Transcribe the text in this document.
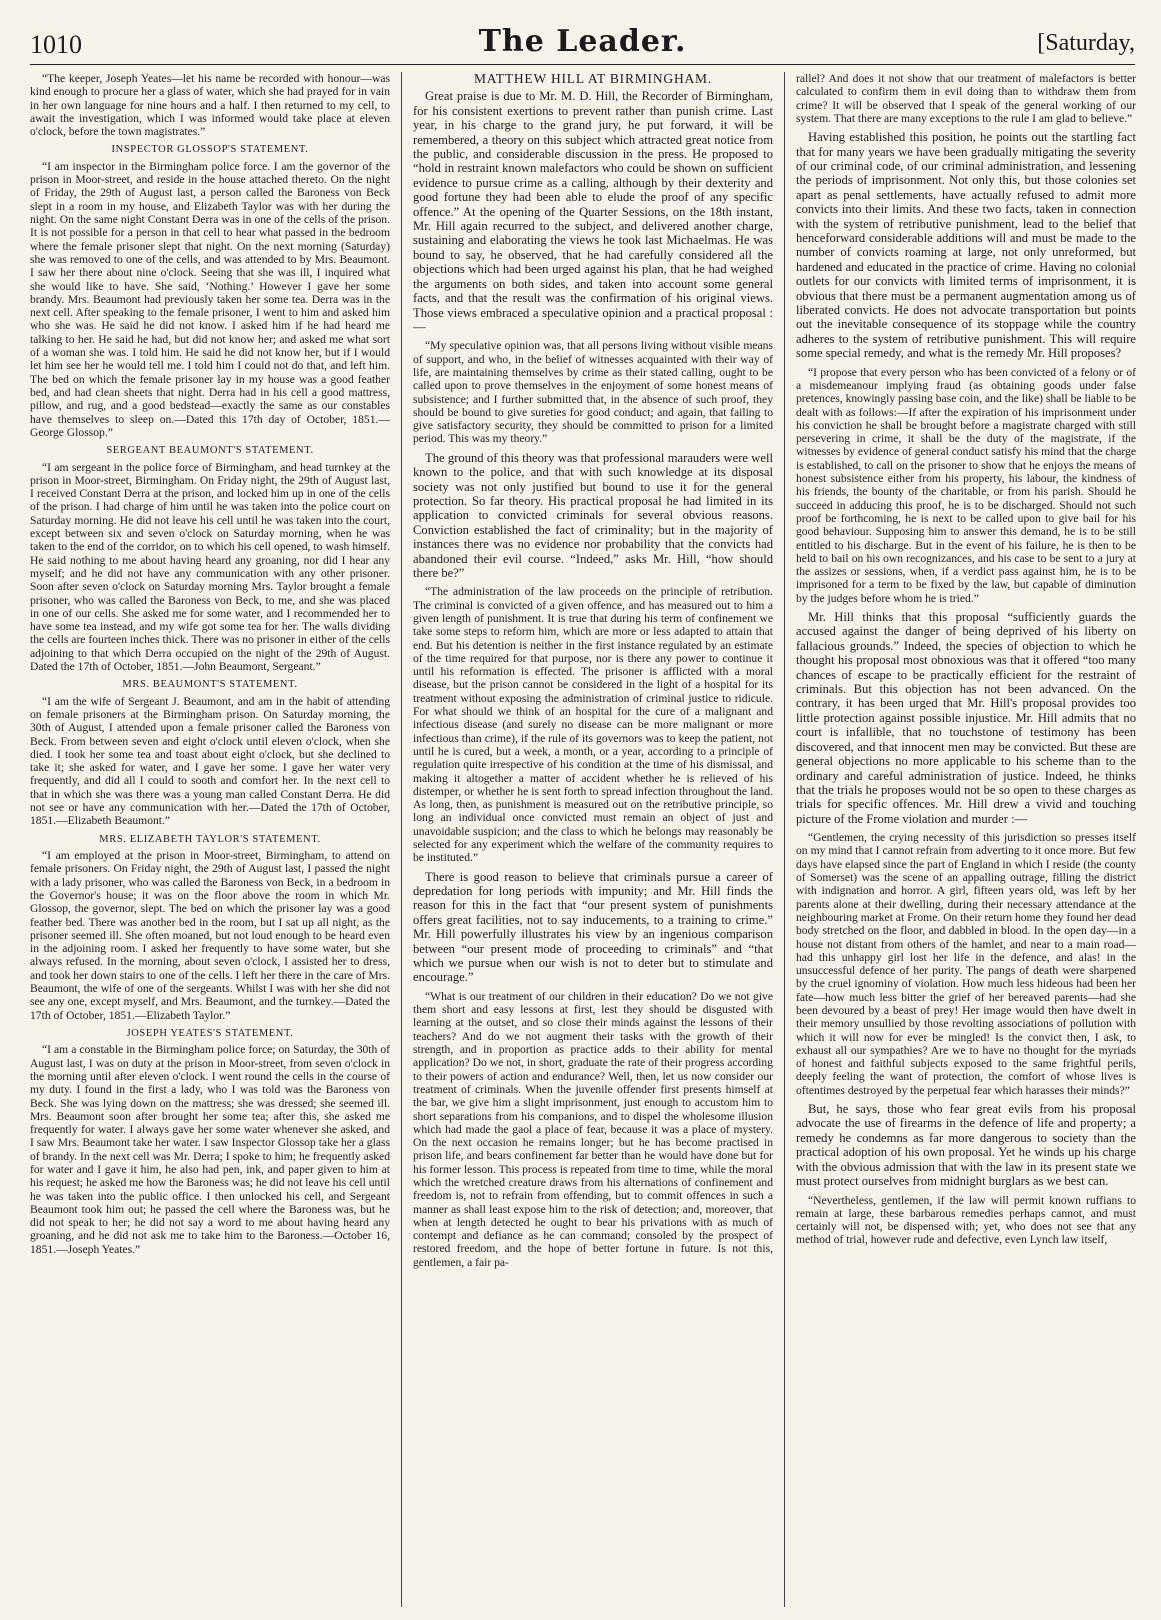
1010	The Leader.	[Saturday,

“The keeper, Joseph Yeates—let his name be recorded with honour—was kind enough to procure her a glass of water, which she had prayed for in vain in her own language for nine hours and a half. I then returned to my cell, to await the investigation, which I was informed would take place at eleven o'clock, before the town magistrates.”

INSPECTOR GLOSSOP'S STATEMENT.

“I am inspector in the Birmingham police force. I am the governor of the prison in Moor-street, and reside in the house attached thereto. On the night of Friday, the 29th of August last, a person called the Baroness von Beck slept in a room in my house, and Elizabeth Taylor was with her during the night. On the same night Constant Derra was in one of the cells of the prison. It is not possible for a person in that cell to hear what passed in the bedroom where the female prisoner slept that night. On the next morning (Saturday) she was removed to one of the cells, and was attended to by Mrs. Beaumont. I saw her there about nine o'clock. Seeing that she was ill, I inquired what she would like to have. She said, ‘Nothing.’ However I gave her some brandy. Mrs. Beaumont had previously taken her some tea. Derra was in the next cell. After speaking to the female prisoner, I went to him and asked him who she was. He said he did not know. I asked him if he had heard me talking to her. He said he had, but did not know her; and asked me what sort of a woman she was. I told him. He said he did not know her, but if I would let him see her he would tell me. I told him I could not do that, and left him. The bed on which the female prisoner lay in my house was a good feather bed, and had clean sheets that night. Derra had in his cell a good mattress, pillow, and rug, and a good bedstead—exactly the same as our constables have themselves to sleep on.—Dated this 17th day of October, 1851.—George Glossop.”

SERGEANT BEAUMONT'S STATEMENT.

“I am sergeant in the police force of Birmingham, and head turnkey at the prison in Moor-street, Birmingham. On Friday night, the 29th of August last, I received Constant Derra at the prison, and locked him up in one of the cells of the prison. I had charge of him until he was taken into the police court on Saturday morning. He did not leave his cell until he was taken into the court, except between six and seven o'clock on Saturday morning, when he was taken to the end of the corridor, on to which his cell opened, to wash himself. He said nothing to me about having heard any groaning, nor did I hear any myself; and he did not have any communication with any other prisoner. Soon after seven o'clock on Saturday morning Mrs. Taylor brought a female prisoner, who was called the Baroness von Beck, to me, and she was placed in one of our cells. She asked me for some water, and I recommended her to have some tea instead, and my wife got some tea for her. The walls dividing the cells are fourteen inches thick. There was no prisoner in either of the cells adjoining to that which Derra occupied on the night of the 29th of August. Dated the 17th of October, 1851.—John Beaumont, Sergeant.”

MRS. BEAUMONT'S STATEMENT.

“I am the wife of Sergeant J. Beaumont, and am in the habit of attending on female prisoners at the Birmingham prison. On Saturday morning, the 30th of August, I attended upon a female prisoner called the Baroness von Beck. From between seven and eight o'clock until eleven o'clock, when she died. I took her some tea and toast about eight o'clock, but she declined to take it; she asked for water, and I gave her some. I gave her water very frequently, and did all I could to sooth and comfort her. In the next cell to that in which she was there was a young man called Constant Derra. He did not see or have any communication with her.—Dated the 17th of October, 1851.—Elizabeth Beaumont.”

MRS. ELIZABETH TAYLOR'S STATEMENT.

“I am employed at the prison in Moor-street, Birmingham, to attend on female prisoners. On Friday night, the 29th of August last, I passed the night with a lady prisoner, who was called the Baroness von Beck, in a bedroom in the Governor's house; it was on the floor above the room in which Mr. Glossop, the governor, slept. The bed on which the prisoner lay was a good feather bed. There was another bed in the room, but I sat up all night, as the prisoner seemed ill. She often moaned, but not loud enough to be heard even in the adjoining room. I asked her frequently to have some water, but she always refused. In the morning, about seven o'clock, I assisted her to dress, and took her down stairs to one of the cells. I left her there in the care of Mrs. Beaumont, the wife of one of the sergeants. Whilst I was with her she did not see any one, except myself, and Mrs. Beaumont, and the turnkey.—Dated the 17th of October, 1851.—Elizabeth Taylor.”

JOSEPH YEATES'S STATEMENT.

“I am a constable in the Birmingham police force; on Saturday, the 30th of August last, I was on duty at the prison in Moor-street, from seven o'clock in the morning until after eleven o'clock. I went round the cells in the course of my duty. I found in the first a lady, who I was told was the Baroness von Beck. She was lying down on the mattress; she was dressed; she seemed ill. Mrs. Beaumont soon after brought her some tea; after this, she asked me frequently for water. I always gave her some water whenever she asked, and I saw Mrs. Beaumont take her water. I saw Inspector Glossop take her a glass of brandy. In the next cell was Mr. Derra; I spoke to him; he frequently asked for water and I gave it him, he also had pen, ink, and paper given to him at his request; he asked me how the Baroness was; he did not leave his cell until he was taken into the public office. I then unlocked his cell, and Sergeant Beaumont took him out; he passed the cell where the Baroness was, but he did not speak to her; he did not say a word to me about having heard any groaning, and he did not ask me to take him to the Baroness.—October 16, 1851.—Joseph Yeates.”

MATTHEW HILL AT BIRMINGHAM.

Great praise is due to Mr. M. D. Hill, the Recorder of Birmingham, for his consistent exertions to prevent rather than punish crime. Last year, in his charge to the grand jury, he put forward, it will be remembered, a theory on this subject which attracted great notice from the public, and considerable discussion in the press. He proposed to “hold in restraint known malefactors who could be shown on sufficient evidence to pursue crime as a calling, although by their dexterity and good fortune they had been able to elude the proof of any specific offence.” At the opening of the Quarter Sessions, on the 18th instant, Mr. Hill again recurred to the subject, and delivered another charge, sustaining and elaborating the views he took last Michaelmas. He was bound to say, he observed, that he had carefully considered all the objections which had been urged against his plan, that he had weighed the arguments on both sides, and taken into account some general facts, and that the result was the confirmation of his original views. Those views embraced a speculative opinion and a practical proposal :—

“My speculative opinion was, that all persons living without visible means of support, and who, in the belief of witnesses acquainted with their way of life, are maintaining themselves by crime as their stated calling, ought to be called upon to prove themselves in the enjoyment of some honest means of subsistence; and I further submitted that, in the absence of such proof, they should be bound to give sureties for good conduct; and again, that failing to give satisfactory security, they should be committed to prison for a limited period. This was my theory.”

The ground of this theory was that professional marauders were well known to the police, and that with such knowledge at its disposal society was not only justified but bound to use it for the general protection. So far theory. His practical proposal he had limited in its application to convicted criminals for several obvious reasons. Conviction established the fact of criminality; but in the majority of instances there was no evidence nor probability that the convicts had abandoned their evil course. “Indeed,” asks Mr. Hill, “how should there be?”

“The administration of the law proceeds on the principle of retribution. The criminal is convicted of a given offence, and has measured out to him a given length of punishment. It is true that during his term of confinement we take some steps to reform him, which are more or less adapted to attain that end. But his detention is neither in the first instance regulated by an estimate of the time required for that purpose, nor is there any power to continue it until his reformation is effected. The prisoner is afflicted with a moral disease, but the prison cannot be considered in the light of a hospital for its treatment without exposing the administration of criminal justice to ridicule. For what should we think of an hospital for the cure of a malignant and infectious disease (and surely no disease can be more malignant or more infectious than crime), if the rule of its governors was to keep the patient, not until he is cured, but a week, a month, or a year, according to a principle of regulation quite irrespective of his condition at the time of his dismissal, and making it altogether a matter of accident whether he is relieved of his distemper, or whether he is sent forth to spread infection throughout the land. As long, then, as punishment is measured out on the retributive principle, so long an individual once convicted must remain an object of just and unavoidable suspicion; and the class to which he belongs may reasonably be selected for any experiment which the welfare of the community requires to be instituted.”

There is good reason to believe that criminals pursue a career of depredation for long periods with impunity; and Mr. Hill finds the reason for this in the fact that “our present system of punishments offers great facilities, not to say inducements, to a training to crime.” Mr. Hill powerfully illustrates his view by an ingenious comparison between “our present mode of proceeding to criminals” and “that which we pursue when our wish is not to deter but to stimulate and encourage.”

“What is our treatment of our children in their education? Do we not give them short and easy lessons at first, lest they should be disgusted with learning at the outset, and so close their minds against the lessons of their teachers? And do we not augment their tasks with the growth of their strength, and in proportion as practice adds to their ability for mental application? Do we not, in short, graduate the rate of their progress according to their powers of action and endurance? Well, then, let us now consider our treatment of criminals. When the juvenile offender first presents himself at the bar, we give him a slight imprisonment, just enough to accustom him to short separations from his companions, and to dispel the wholesome illusion which had made the gaol a place of fear, because it was a place of mystery. On the next occasion he remains longer; but he has become practised in prison life, and bears confinement far better than he would have done but for his former lesson. This process is repeated from time to time, while the moral which the wretched creature draws from his alternations of confinement and freedom is, not to refrain from offending, but to commit offences in such a manner as shall least expose him to the risk of detection; and, moreover, that when at length detected he ought to bear his privations with as much of contempt and defiance as he can command; consoled by the prospect of restored freedom, and the hope of better fortune in future. Is not this, gentlemen, a fair pa-

rallel? And does it not show that our treatment of malefactors is better calculated to confirm them in evil doing than to withdraw them from crime? It will be observed that I speak of the general working of our system. That there are many exceptions to the rule I am glad to believe.”

Having established this position, he points out the startling fact that for many years we have been gradually mitigating the severity of our criminal code, of our criminal administration, and lessening the periods of imprisonment. Not only this, but those colonies set apart as penal settlements, have actually refused to admit more convicts into their limits. And these two facts, taken in connection with the system of retributive punishment, lead to the belief that henceforward considerable additions will and must be made to the number of convicts roaming at large, not only unreformed, but hardened and educated in the practice of crime. Having no colonial outlets for our convicts with limited terms of imprisonment, it is obvious that there must be a permanent augmentation among us of liberated convicts. He does not advocate transportation but points out the inevitable consequence of its stoppage while the country adheres to the system of retributive punishment. This will require some special remedy, and what is the remedy Mr. Hill proposes?

“I propose that every person who has been convicted of a felony or of a misdemeanour implying fraud (as obtaining goods under false pretences, knowingly passing base coin, and the like) shall be liable to be dealt with as follows:—If after the expiration of his imprisonment under his conviction he shall be brought before a magistrate charged with still persevering in crime, it shall be the duty of the magistrate, if the witnesses by evidence of general conduct satisfy his mind that the charge is established, to call on the prisoner to show that he enjoys the means of honest subsistence either from his property, his labour, the kindness of his friends, the bounty of the charitable, or from his parish. Should he succeed in adducing this proof, he is to be discharged. Should not such proof be forthcoming, he is next to be called upon to give bail for his good behaviour. Supposing him to answer this demand, he is to be still entitled to his discharge. But in the event of his failure, he is then to be held to bail on his own recognizances, and his case to be sent to a jury at the assizes or sessions, when, if a verdict pass against him, he is to be imprisoned for a term to be fixed by the law, but capable of diminution by the judges before whom he is tried.”

Mr. Hill thinks that this proposal “sufficiently guards the accused against the danger of being deprived of his liberty on fallacious grounds.” Indeed, the species of objection to which he thought his proposal most obnoxious was that it offered “too many chances of escape to be practically efficient for the restraint of criminals. But this objection has not been advanced. On the contrary, it has been urged that Mr. Hill's proposal provides too little protection against possible injustice. Mr. Hill admits that no court is infallible, that no touchstone of testimony has been discovered, and that innocent men may be convicted. But these are general objections no more applicable to his scheme than to the ordinary and careful administration of justice. Indeed, he thinks that the trials he proposes would not be so open to these charges as trials for specific offences. Mr. Hill drew a vivid and touching picture of the Frome violation and murder :—

“Gentlemen, the crying necessity of this jurisdiction so presses itself on my mind that I cannot refrain from adverting to it once more. But few days have elapsed since the part of England in which I reside (the county of Somerset) was the scene of an appalling outrage, filling the district with indignation and horror. A girl, fifteen years old, was left by her parents alone at their dwelling, during their necessary attendance at the neighbouring market at Frome. On their return home they found her dead body stretched on the floor, and dabbled in blood. In the open day—in a house not distant from others of the hamlet, and near to a main road—had this unhappy girl lost her life in the defence, and alas! in the unsuccessful defence of her purity. The pangs of death were sharpened by the cruel ignominy of violation. How much less hideous had been her fate—how much less bitter the grief of her bereaved parents—had she been devoured by a beast of prey! Her image would then have dwelt in their memory unsullied by those revolting associations of pollution with which it will now for ever be mingled! Is the convict then, I ask, to exhaust all our sympathies? Are we to have no thought for the myriads of honest and faithful subjects exposed to the same frightful perils, deeply feeling the want of protection, the comfort of whose lives is oftentimes destroyed by the perpetual fear which harasses their minds?”

But, he says, those who fear great evils from his proposal advocate the use of firearms in the defence of life and property; a remedy he condemns as far more dangerous to society than the practical adoption of his own proposal. Yet he winds up his charge with the obvious admission that with the law in its present state we must protect ourselves from midnight burglars as we best can.

“Nevertheless, gentlemen, if the law will permit known ruffians to remain at large, these barbarous remedies perhaps cannot, and must certainly will not, be dispensed with; yet, who does not see that any method of trial, however rude and defective, even Lynch law itself,
